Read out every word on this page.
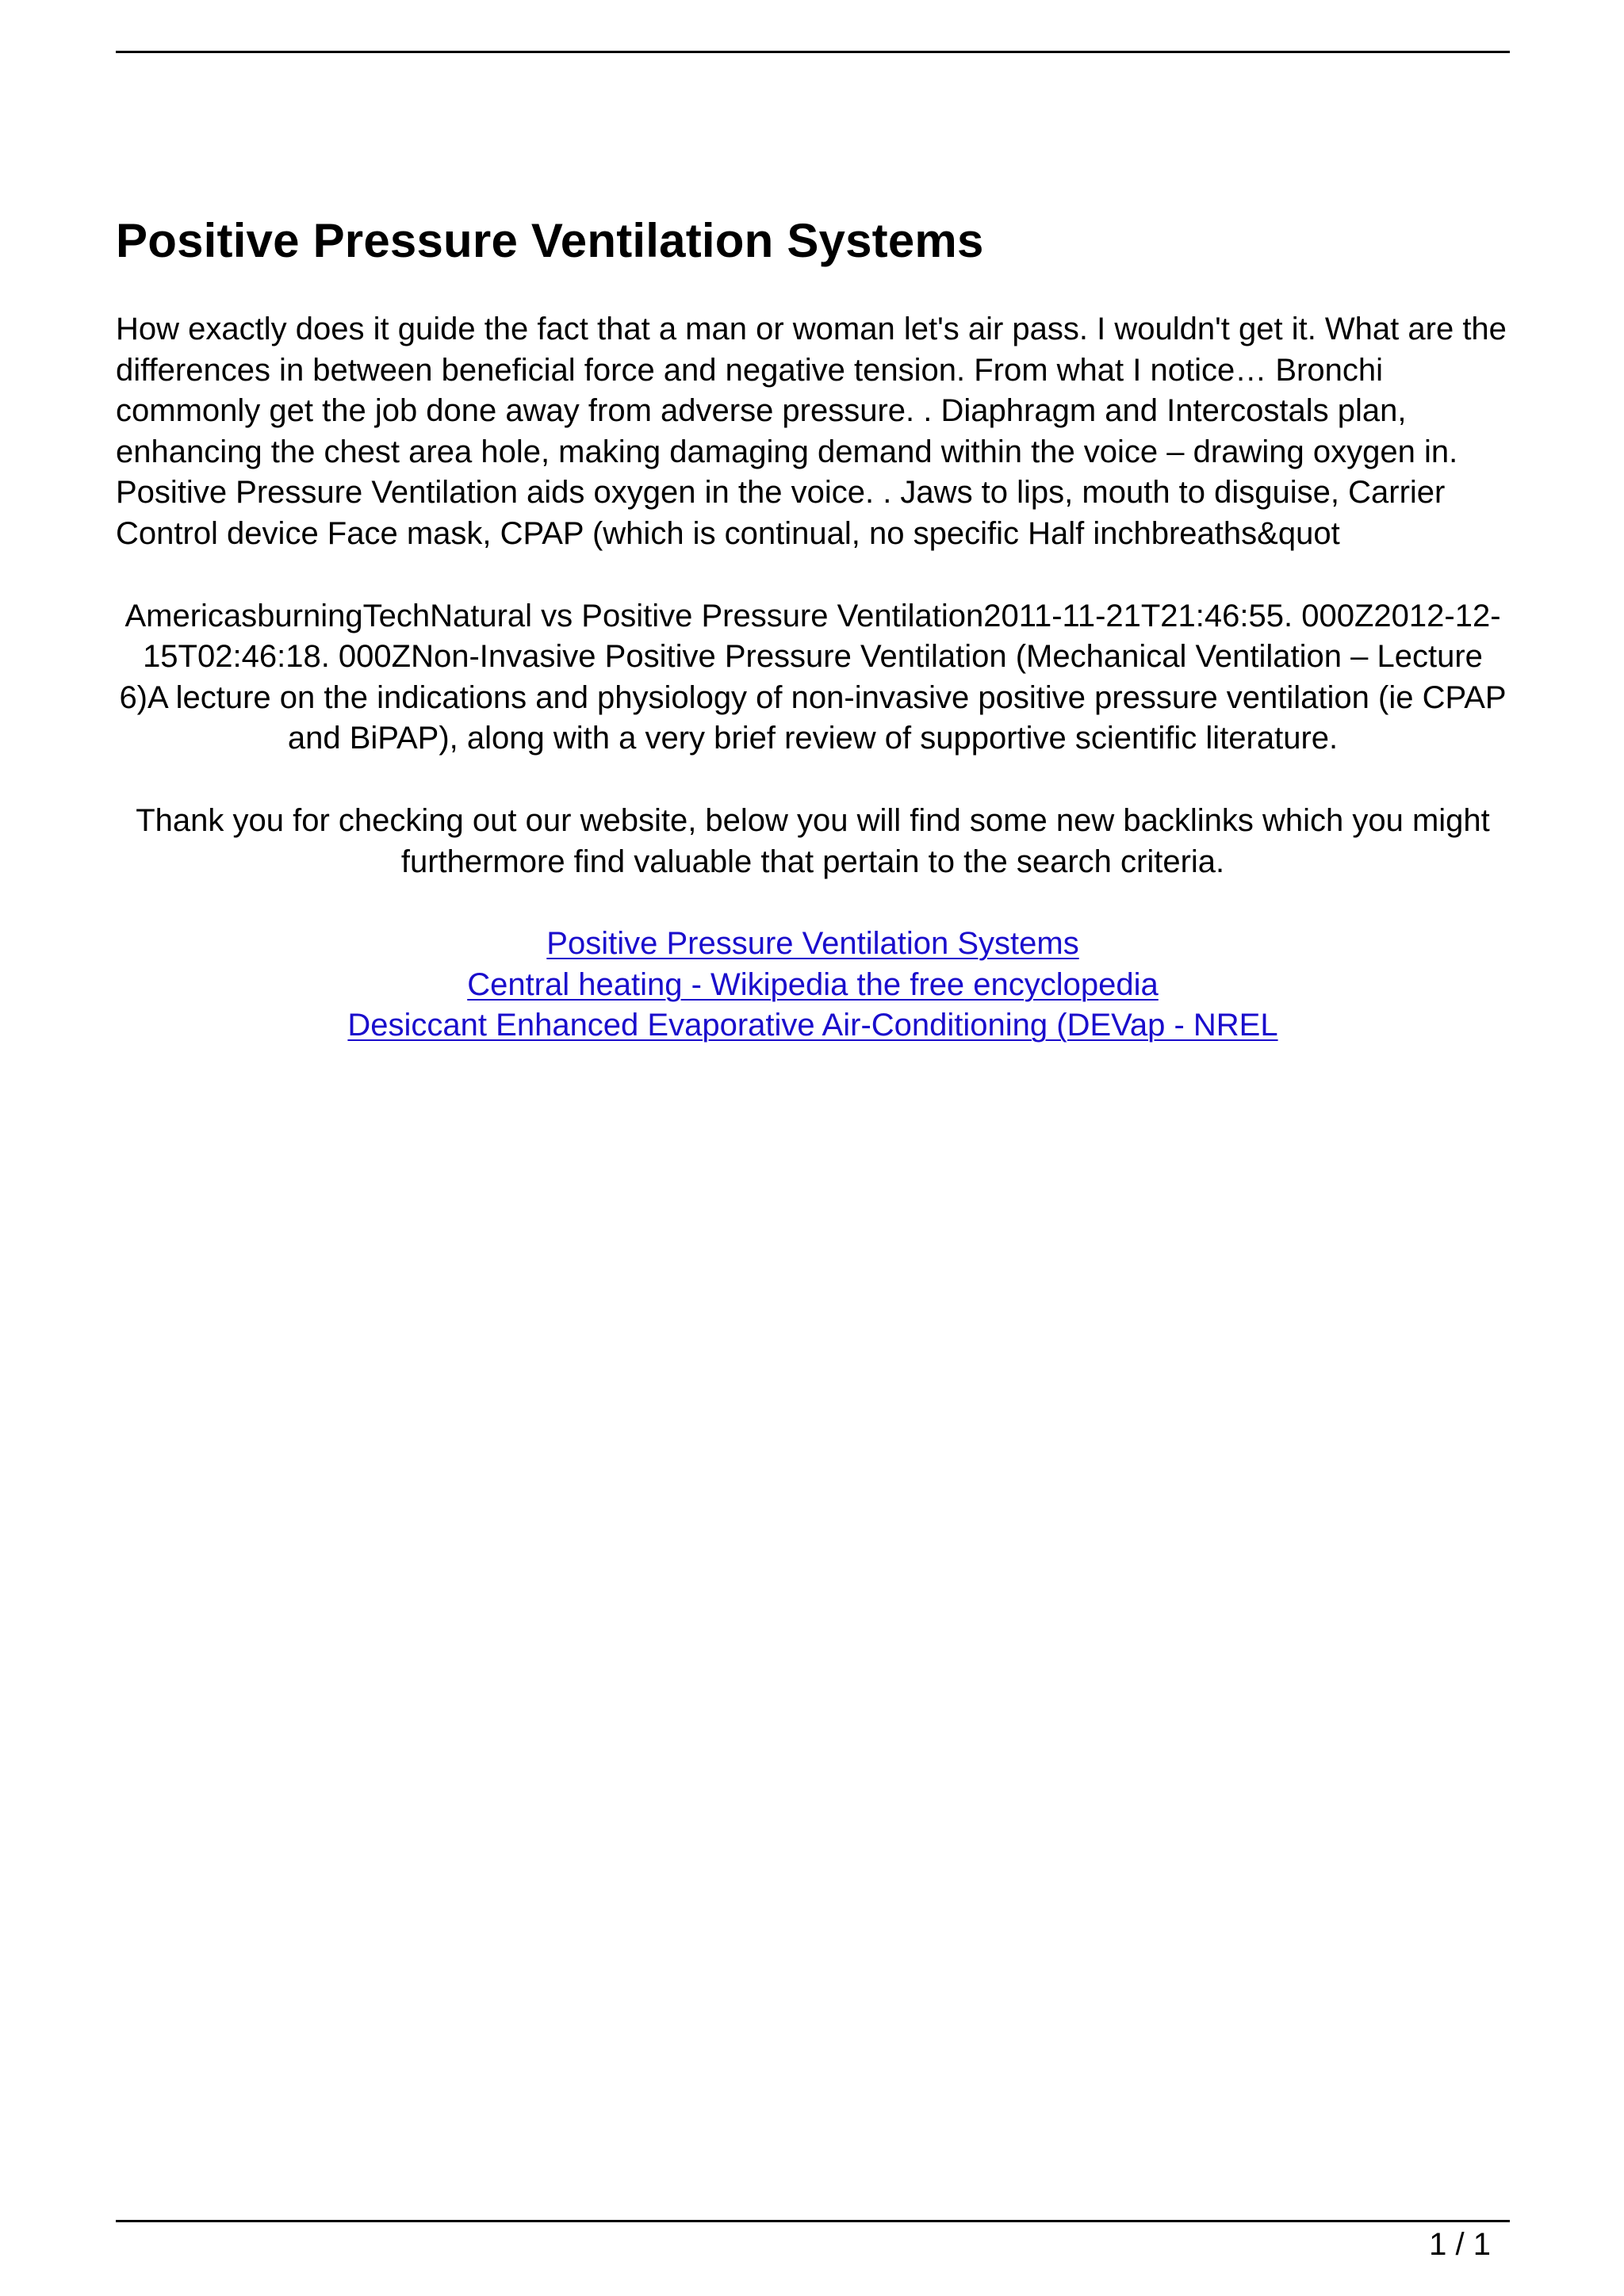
Positive Pressure Ventilation Systems

How exactly does it guide the fact that a man or woman let's air pass. I wouldn't get it. What are the differences in between beneficial force and negative tension. From what I notice… Bronchi commonly get the job done away from adverse pressure. . Diaphragm and Intercostals plan, enhancing the chest area hole, making damaging demand within the voice – drawing oxygen in. Positive Pressure Ventilation aids oxygen in the voice. . Jaws to lips, mouth to disguise, Carrier Control device Face mask, CPAP (which is continual, no specific Half inchbreaths&quot

AmericasburningTechNatural vs Positive Pressure Ventilation2011-11-21T21:46:55. 000Z2012-12-15T02:46:18. 000ZNon-Invasive Positive Pressure Ventilation (Mechanical Ventilation – Lecture 6)A lecture on the indications and physiology of non-invasive positive pressure ventilation (ie CPAP and BiPAP), along with a very brief review of supportive scientific literature.

Thank you for checking out our website, below you will find some new backlinks which you might furthermore find valuable that pertain to the search criteria.

Positive Pressure Ventilation Systems
Central heating - Wikipedia the free encyclopedia
Desiccant Enhanced Evaporative Air-Conditioning (DEVap - NREL
1 / 1
